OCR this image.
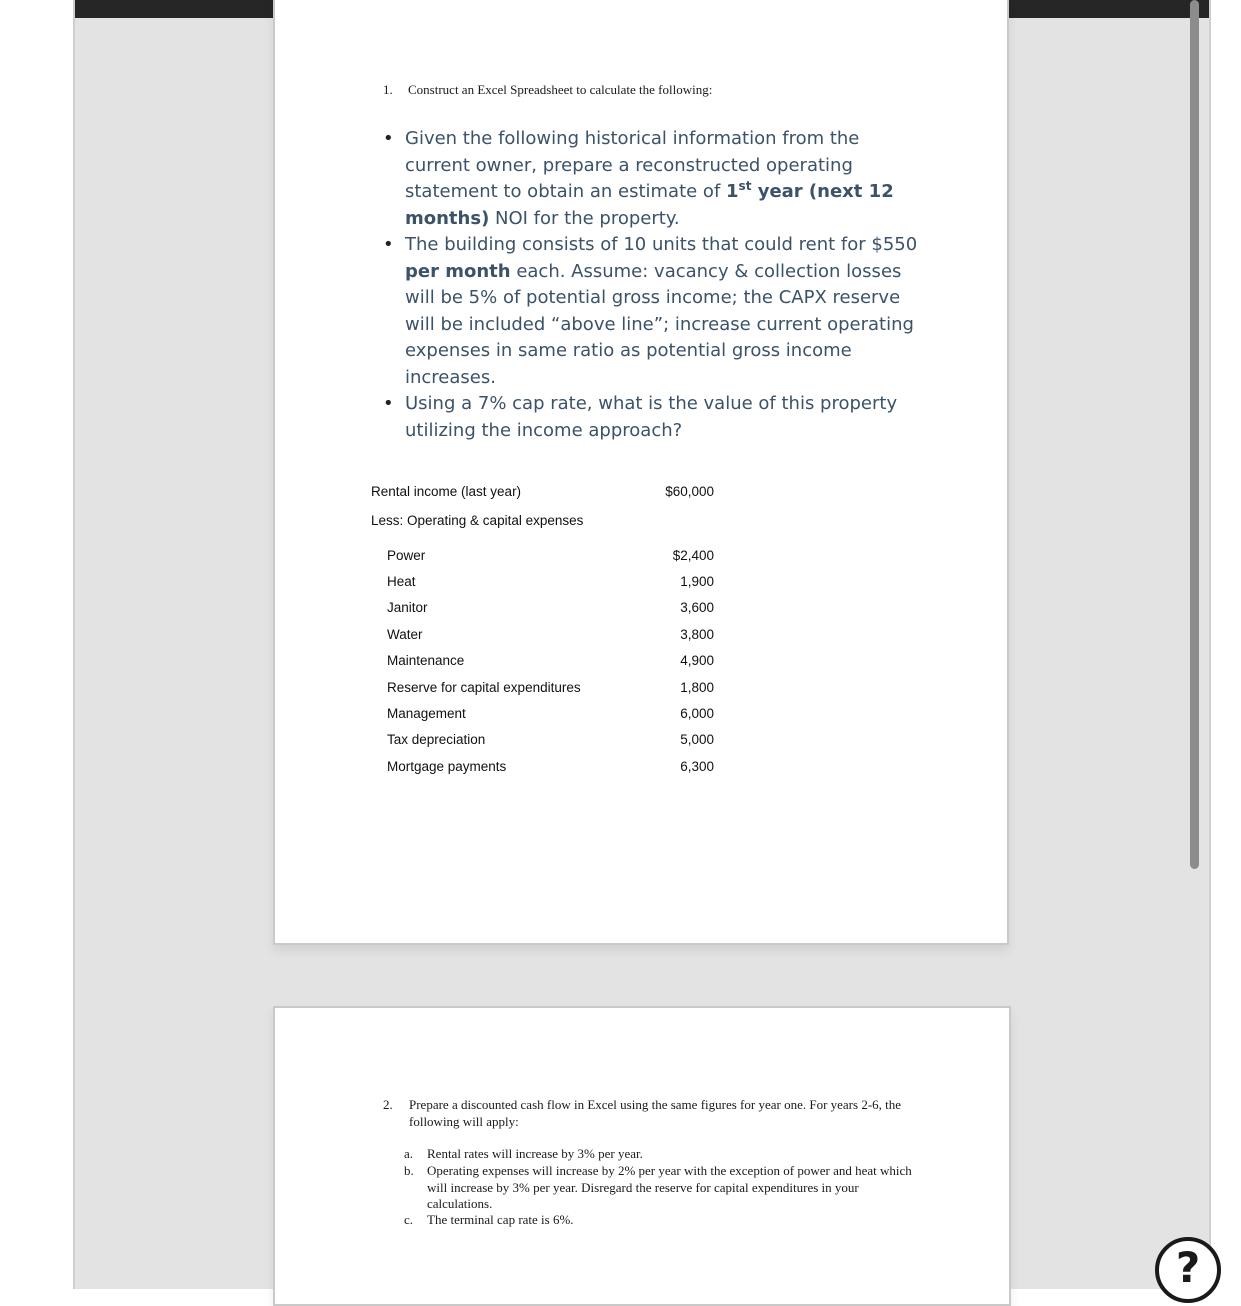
1. Construct an Excel Spreadsheet to calculate the following:
• Given the following historical information from the current owner, prepare a reconstructed operating statement to obtain an estimate of 1st year (next 12 months) NOI for the property.
• The building consists of 10 units that could rent for $550 per month each. Assume: vacancy & collection losses will be 5% of potential gross income; the CAPX reserve will be included “above line”; increase current operating expenses in same ratio as potential gross income increases.
• Using a 7% cap rate, what is the value of this property utilizing the income approach?
Rental income (last year)	$60,000
Less: Operating & capital expenses
Power	$2,400
Heat	1,900
Janitor	3,600
Water	3,800
Maintenance	4,900
Reserve for capital expenditures	1,800
Management	6,000
Tax depreciation	5,000
Mortgage payments	6,300
2.	Prepare a discounted cash flow in Excel using the same figures for year one. For years 2-6, the following will apply:
a.	Rental rates will increase by 3% per year.
b.	Operating expenses will increase by 2% per year with the exception of power and heat which will increase by 3% per year. Disregard the reserve for capital expenditures in your calculations.
c.	The terminal cap rate is 6%.
?
